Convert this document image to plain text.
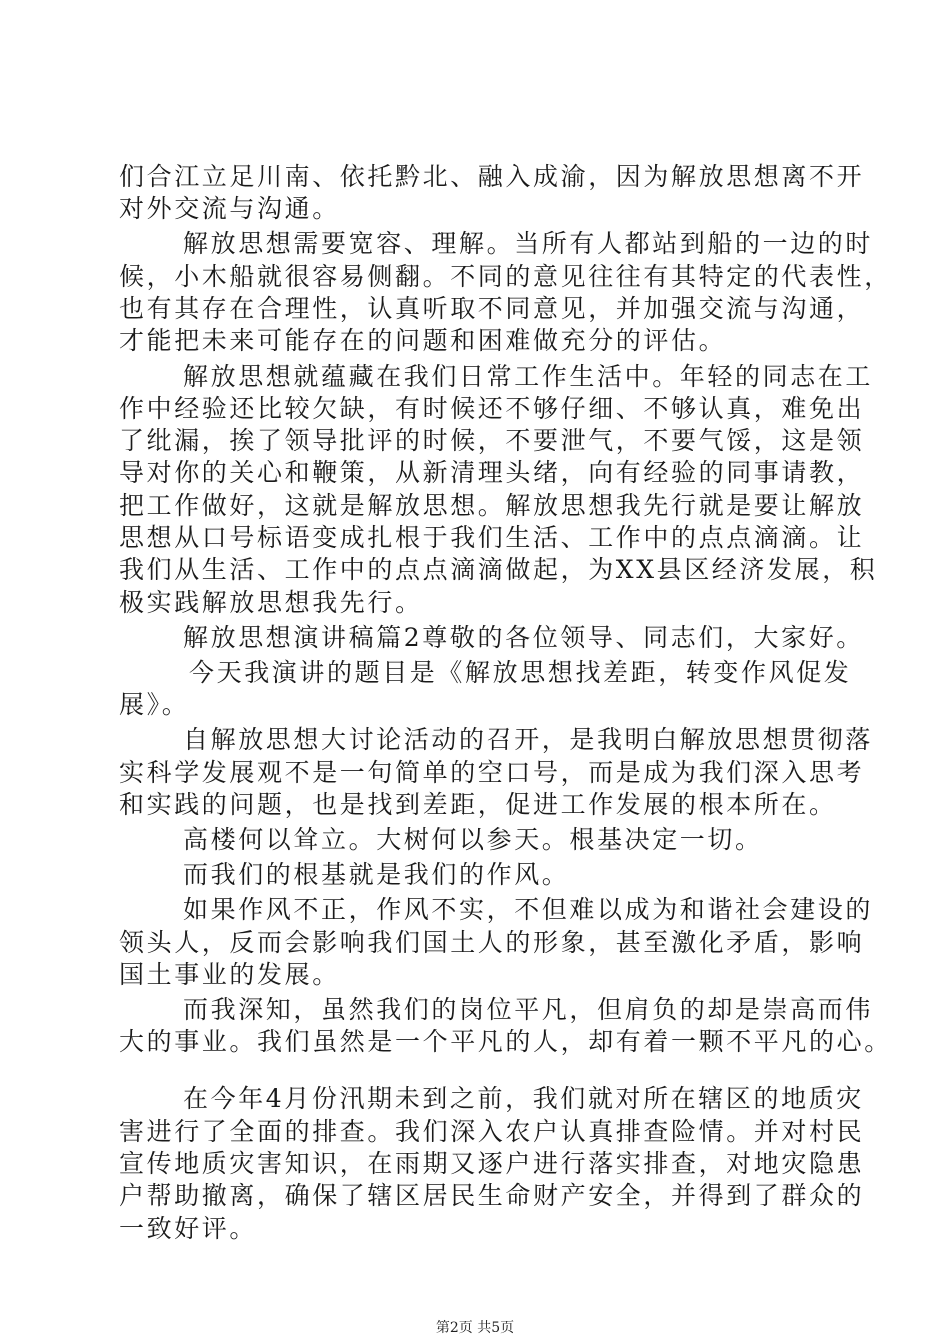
们合江立足川南、依托黔北、融入成渝，因为解放思想离不开
对外交流与沟通。
解放思想需要宽容、理解。当所有人都站到船的一边的时
候，小木船就很容易侧翻。不同的意见往往有其特定的代表性，
也有其存在合理性，认真听取不同意见，并加强交流与沟通，
才能把未来可能存在的问题和困难做充分的评估。
解放思想就蕴藏在我们日常工作生活中。年轻的同志在工
作中经验还比较欠缺，有时候还不够仔细、不够认真，难免出
了纰漏，挨了领导批评的时候，不要泄气，不要气馁，这是领
导对你的关心和鞭策，从新清理头绪，向有经验的同事请教，
把工作做好，这就是解放思想。解放思想我先行就是要让解放
思想从口号标语变成扎根于我们生活、工作中的点点滴滴。让
我们从生活、工作中的点点滴滴做起，为XX县区经济发展，积
极实践解放思想我先行。
解放思想演讲稿篇2尊敬的各位领导、同志们，大家好。
今天我演讲的题目是《解放思想找差距，转变作风促发
展》。
自解放思想大讨论活动的召开，是我明白解放思想贯彻落
实科学发展观不是一句简单的空口号，而是成为我们深入思考
和实践的问题，也是找到差距，促进工作发展的根本所在。
高楼何以耸立。大树何以参天。根基决定一切。
而我们的根基就是我们的作风。
如果作风不正，作风不实，不但难以成为和谐社会建设的
领头人，反而会影响我们国土人的形象，甚至激化矛盾，影响
国土事业的发展。
而我深知，虽然我们的岗位平凡，但肩负的却是崇高而伟
大的事业。我们虽然是一个平凡的人，却有着一颗不平凡的心。
在今年4月份汛期未到之前，我们就对所在辖区的地质灾
害进行了全面的排查。我们深入农户认真排查险情。并对村民
宣传地质灾害知识，在雨期又逐户进行落实排查，对地灾隐患
户帮助撤离，确保了辖区居民生命财产安全，并得到了群众的
一致好评。
第2页 共5页
